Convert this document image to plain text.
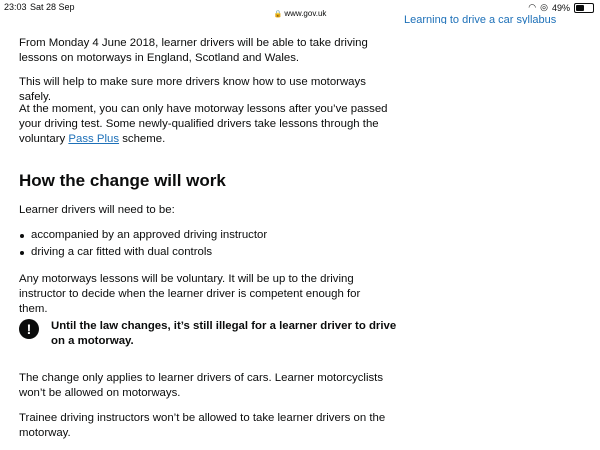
23:03 Sat 28 Sep	◠ ◎ 49%
🔒 www.gov.uk
Learning to drive a car syllabus

From Monday 4 June 2018, learner drivers will be able to take driving lessons on motorways in England, Scotland and Wales.

This will help to make sure more drivers know how to use motorways safely.

At the moment, you can only have motorway lessons after you’ve passed your driving test. Some newly-qualified drivers take lessons through the voluntary Pass Plus scheme.

How the change will work

Learner drivers will need to be:

accompanied by an approved driving instructor
driving a car fitted with dual controls

Any motorways lessons will be voluntary. It will be up to the driving instructor to decide when the learner driver is competent enough for them.

!	Until the law changes, it’s still illegal for a learner driver to drive on a motorway.

The change only applies to learner drivers of cars. Learner motorcyclists won’t be allowed on motorways.

Trainee driving instructors won’t be allowed to take learner drivers on the motorway.
